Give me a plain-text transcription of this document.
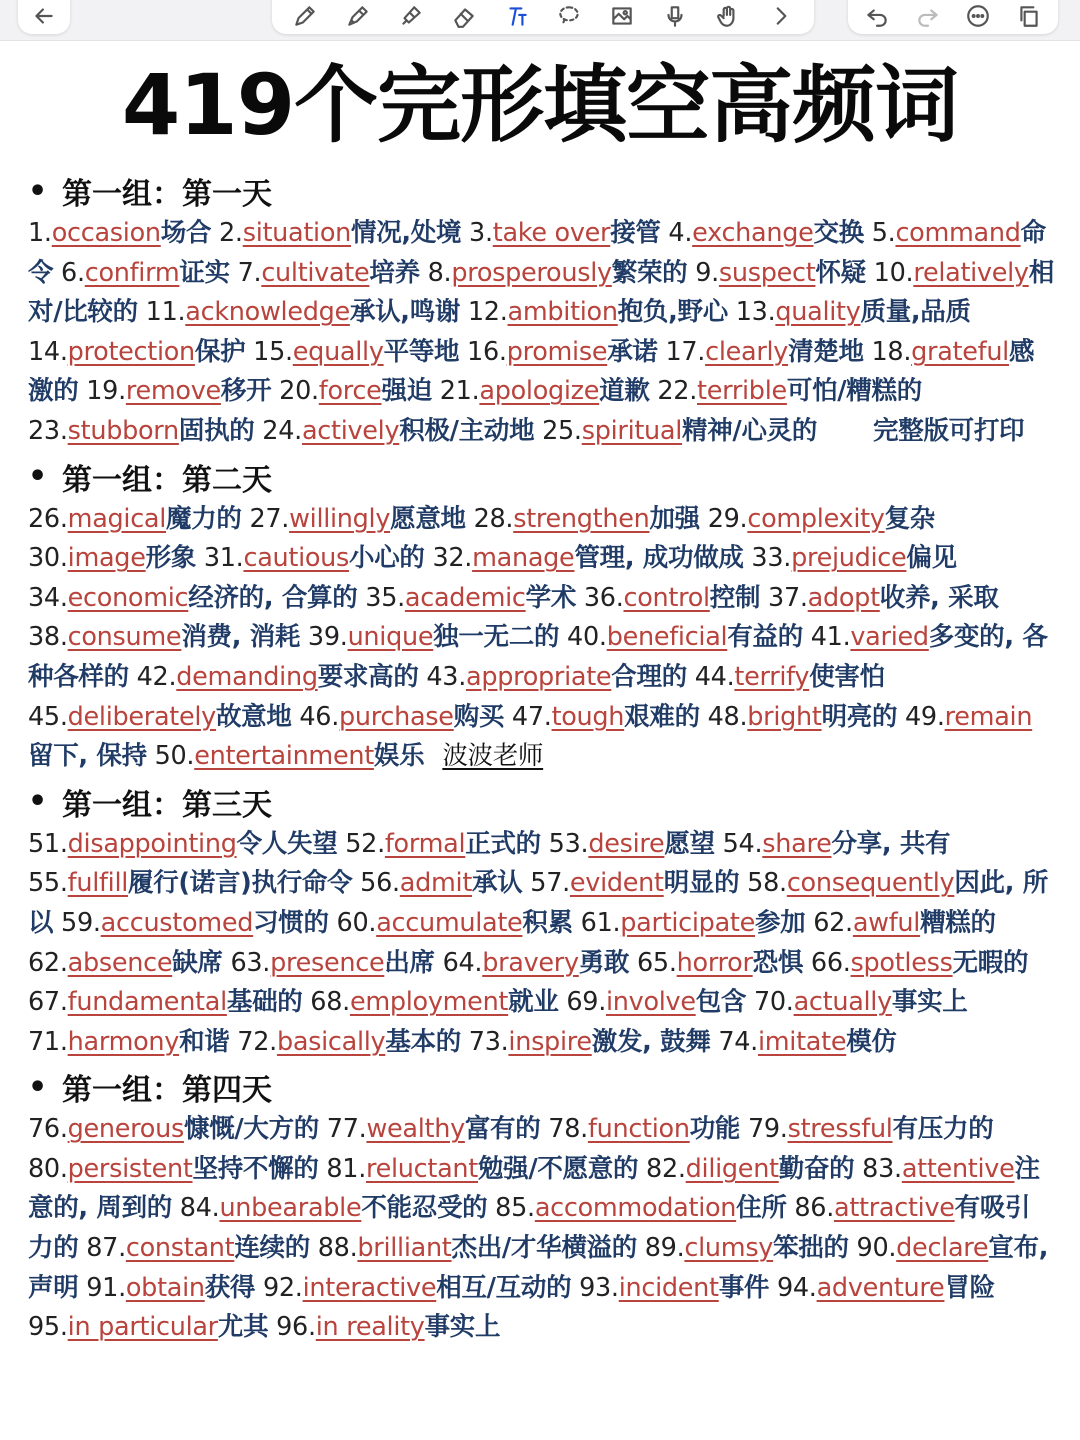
419个完形填空高频词
• 第一组：第一天
1.occasion场合 2.situation情况,处境 3.take over接管 4.exchange交换 5.command命令 6.confirm证实 7.cultivate培养 8.prosperously繁荣的 9.suspect怀疑 10.relatively相对/比较的 11.acknowledge承认,鸣谢 12.ambition抱负,野心 13.quality质量,品质 14.protection保护 15.equally平等地 16.promise承诺 17.clearly清楚地 18.grateful感激的 19.remove移开 20.force强迫 21.apologize道歉 22.terrible可怕/糟糕的 23.stubborn固执的 24.actively积极/主动地 25.spiritual精神/心灵的 完整版可打印
• 第一组：第二天
26.magical魔力的 27.willingly愿意地 28.strengthen加强 29.complexity复杂 30.image形象 31.cautious小心的 32.manage管理, 成功做成 33.prejudice偏见 34.economic经济的, 合算的 35.academic学术 36.control控制 37.adopt收养, 采取 38.consume消费, 消耗 39.unique独一无二的 40.beneficial有益的 41.varied多变的, 各种各样的 42.demanding要求高的 43.appropriate合理的 44.terrify使害怕 45.deliberately故意地 46.purchase购买 47.tough艰难的 48.bright明亮的 49.remain留下, 保持 50.entertainment娱乐 波波老师
• 第一组：第三天
51.disappointing令人失望 52.formal正式的 53.desire愿望 54.share分享, 共有 55.fulfill履行(诺言)执行命令 56.admit承认 57.evident明显的 58.consequently因此, 所以 59.accustomed习惯的 60.accumulate积累 61.participate参加 62.awful糟糕的 62.absence缺席 63.presence出席 64.bravery勇敢 65.horror恐惧 66.spotless无暇的 67.fundamental基础的 68.employment就业 69.involve包含 70.actually事实上 71.harmony和谐 72.basically基本的 73.inspire激发, 鼓舞 74.imitate模仿
• 第一组：第四天
76.generous慷慨/大方的 77.wealthy富有的 78.function功能 79.stressful有压力的 80.persistent坚持不懈的 81.reluctant勉强/不愿意的 82.diligent勤奋的 83.attentive注意的, 周到的 84.unbearable不能忍受的 85.accommodation住所 86.attractive有吸引力的 87.constant连续的 88.brilliant杰出/才华横溢的 89.clumsy笨拙的 90.declare宣布, 声明 91.obtain获得 92.interactive相互/互动的 93.incident事件 94.adventure冒险 95.in particular尤其 96.in reality事实上
